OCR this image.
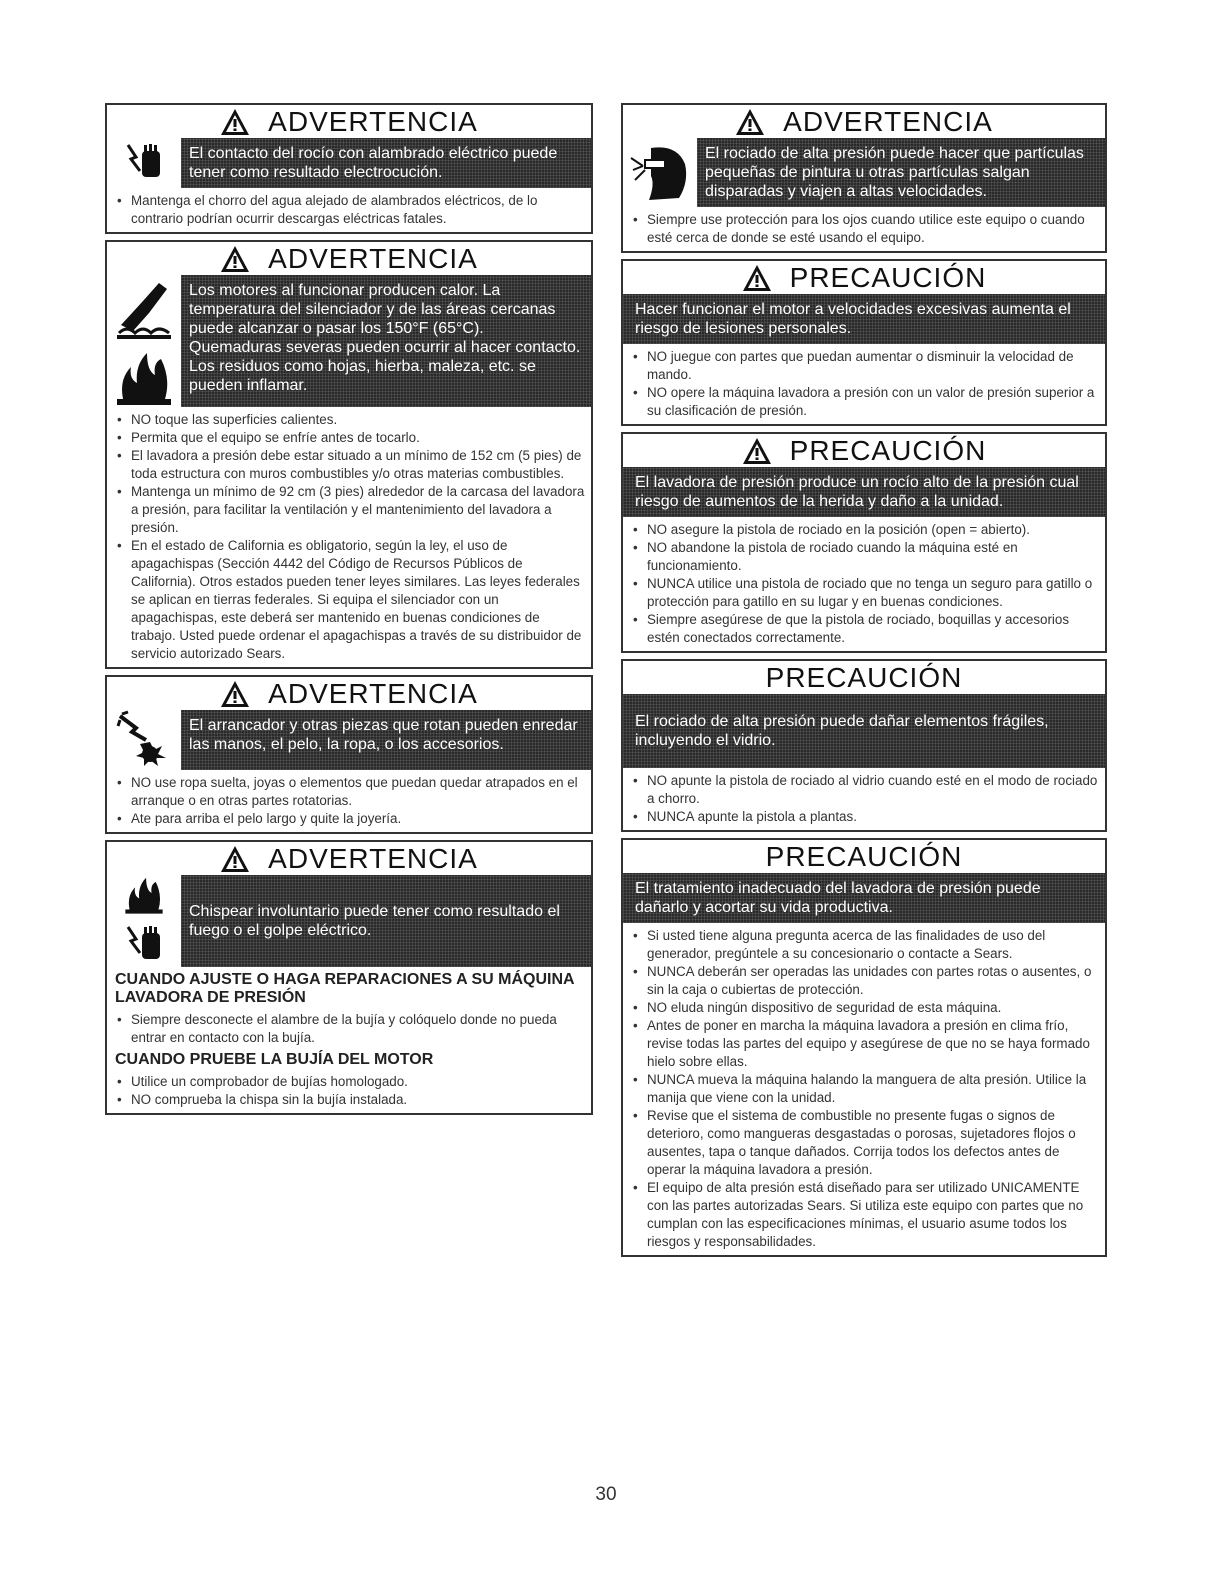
ADVERTENCIA

El contacto del rocío con alambrado eléctrico puede tener como resultado electrocución.

• Mantenga el chorro del agua alejado de alambrados eléctricos, de lo contrario podrían ocurrir descargas eléctricas fatales.
ADVERTENCIA

Los motores al funcionar producen calor. La temperatura del silenciador y de las áreas cercanas puede alcanzar o pasar los 150°F (65°C).

Quemaduras severas pueden ocurrir al hacer contacto.

Los residuos como hojas, hierba, maleza, etc. se pueden inflamar.

• NO toque las superficies calientes.
• Permita que el equipo se enfríe antes de tocarlo.
• El lavadora a presión debe estar situado a un mínimo de 152 cm (5 pies) de toda estructura con muros combustibles y/o otras materias combustibles.
• Mantenga un mínimo de 92 cm (3 pies) alrededor de la carcasa del lavadora a presión, para facilitar la ventilación y el mantenimiento del lavadora a presión.
• En el estado de California es obligatorio, según la ley, el uso de apagachispas (Sección 4442 del Código de Recursos Públicos de California). Otros estados pueden tener leyes similares. Las leyes federales se aplican en tierras federales. Si equipa el silenciador con un apagachispas, este deberá ser mantenido en buenas condiciones de trabajo. Usted puede ordenar el apagachispas a través de su distribuidor de servicio autorizado Sears.
ADVERTENCIA

El arrancador y otras piezas que rotan pueden enredar las manos, el pelo, la ropa, o los accesorios.

• NO use ropa suelta, joyas o elementos que puedan quedar atrapados en el arranque o en otras partes rotatorias.
• Ate para arriba el pelo largo y quite la joyería.
ADVERTENCIA

Chispear involuntario puede tener como resultado el fuego o el golpe eléctrico.

CUANDO AJUSTE O HAGA REPARACIONES A SU MÁQUINA LAVADORA DE PRESIÓN
• Siempre desconecte el alambre de la bujía y colóquelo donde no pueda entrar en contacto con la bujía.
CUANDO PRUEBE LA BUJÍA DEL MOTOR
• Utilice un comprobador de bujías homologado.
• NO comprueba la chispa sin la bujía instalada.
ADVERTENCIA

El rociado de alta presión puede hacer que partículas pequeñas de pintura u otras partículas salgan disparadas y viajen a altas velocidades.

• Siempre use protección para los ojos cuando utilice este equipo o cuando esté cerca de donde se esté usando el equipo.
PRECAUCIÓN

Hacer funcionar el motor a velocidades excesivas aumenta el riesgo de lesiones personales.

• NO juegue con partes que puedan aumentar o disminuir la velocidad de mando.
• NO opere la máquina lavadora a presión con un valor de presión superior a su clasificación de presión.
PRECAUCIÓN

El lavadora de presión produce un rocío alto de la presión cual riesgo de aumentos de la herida y daño a la unidad.

• NO asegure la pistola de rociado en la posición (open = abierto).
• NO abandone la pistola de rociado cuando la máquina esté en funcionamiento.
• NUNCA utilice una pistola de rociado que no tenga un seguro para gatillo o protección para gatillo en su lugar y en buenas condiciones.
• Siempre asegúrese de que la pistola de rociado, boquillas y accesorios estén conectados correctamente.
PRECAUCIÓN

El rociado de alta presión puede dañar elementos frágiles, incluyendo el vidrio.

• NO apunte la pistola de rociado al vidrio cuando esté en el modo de rociado a chorro.
• NUNCA apunte la pistola a plantas.
PRECAUCIÓN

El tratamiento inadecuado del lavadora de presión puede dañarlo y acortar su vida productiva.

• Si usted tiene alguna pregunta acerca de las finalidades de uso del generador, pregúntele a su concesionario o contacte a Sears.
• NUNCA deberán ser operadas las unidades con partes rotas o ausentes, o sin la caja o cubiertas de protección.
• NO eluda ningún dispositivo de seguridad de esta máquina.
• Antes de poner en marcha la máquina lavadora a presión en clima frío, revise todas las partes del equipo y asegúrese de que no se haya formado hielo sobre ellas.
• NUNCA mueva la máquina halando la manguera de alta presión. Utilice la manija que viene con la unidad.
• Revise que el sistema de combustible no presente fugas o signos de deterioro, como mangueras desgastadas o porosas, sujetadores flojos o ausentes, tapa o tanque dañados. Corrija todos los defectos antes de operar la máquina lavadora a presión.
• El equipo de alta presión está diseñado para ser utilizado UNICAMENTE con las partes autorizadas Sears. Si utiliza este equipo con partes que no cumplan con las especificaciones mínimas, el usuario asume todos los riesgos y responsabilidades.
30
